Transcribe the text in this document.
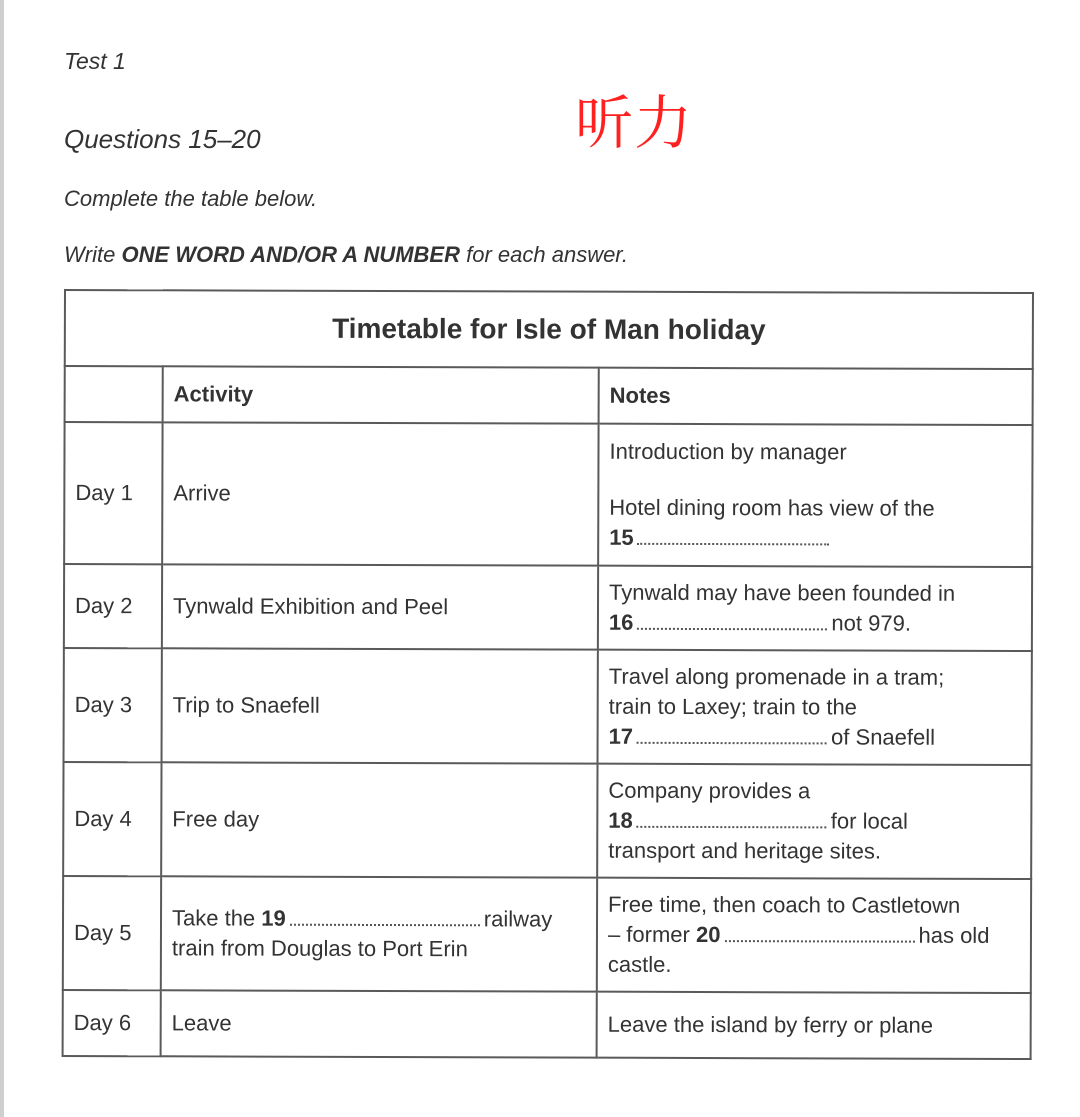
Test 1
听力
Questions 15–20
Complete the table below.
Write ONE WORD AND/OR A NUMBER for each answer.
Timetable for Isle of Man holiday		
	Activity	Notes
Day 1	Arrive	Introduction by manager
Hotel dining room has view of the
15

Day 2	Tynwald Exhibition and Peel	Tynwald may have been founded in
16 not 979.

Day 3	Trip to Snaefell	Travel along promenade in a tram;
train to Laxey; train to the
17 of Snaefell

Day 4	Free day	Company provides a
18 for local
transport and heritage sites.

Day 5	Take the 19 railway
train from Douglas to Port Erin	Free time, then coach to Castletown
– former 20 has old
castle.

Day 6	Leave	Leave the island by ferry or plane
